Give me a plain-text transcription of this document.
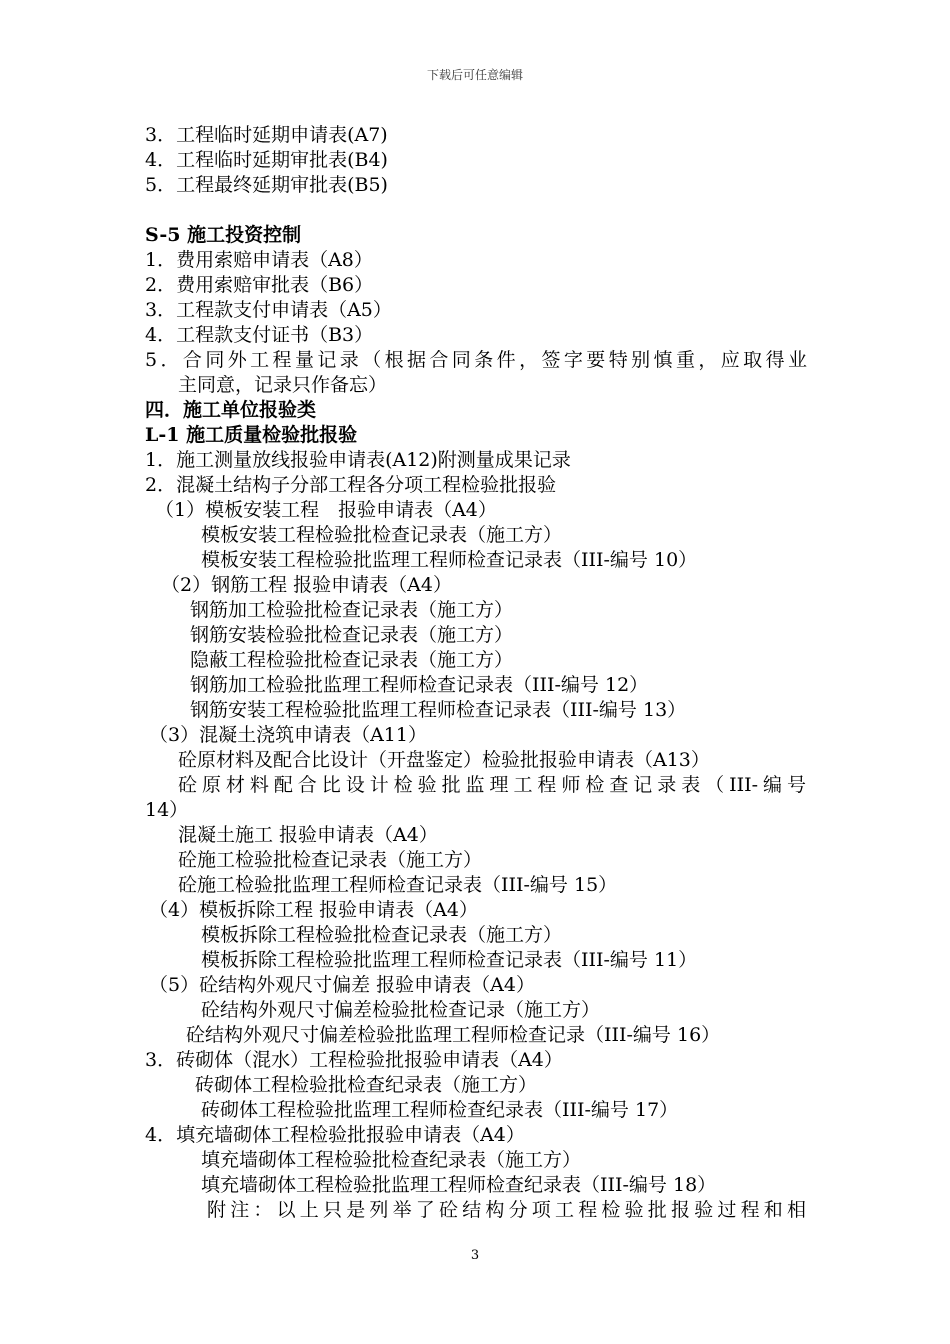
下载后可任意编辑
3．工程临时延期申请表(A7)
4．工程临时延期审批表(B4)
5．工程最终延期审批表(B5)
S-5 施工投资控制
1．费用索赔申请表（A8）
2．费用索赔审批表（B6）
3．工程款支付申请表（A5）
4．工程款支付证书（B3）
5．合同外工程量记录（根据合同条件，签字要特别慎重，应取得业
主同意，记录只作备忘）
四．施工单位报验类
L-1 施工质量检验批报验
1．施工测量放线报验申请表(A12)附测量成果记录
2．混凝土结构子分部工程各分项工程检验批报验
（1）模板安装工程　报验申请表（A4）
模板安装工程检验批检查记录表（施工方）
模板安装工程检验批监理工程师检查记录表（III-编号 10）
（2）钢筋工程 报验申请表（A4）
钢筋加工检验批检查记录表（施工方）
钢筋安装检验批检查记录表（施工方）
隐蔽工程检验批检查记录表（施工方）
钢筋加工检验批监理工程师检查记录表（III-编号 12）
钢筋安装工程检验批监理工程师检查记录表（III-编号 13）
（3）混凝土浇筑申请表（A11）
砼原材料及配合比设计（开盘鉴定）检验批报验申请表（A13）
砼原材料配合比设计检验批监理工程师检查记录表（III-编号
14）
混凝土施工 报验申请表（A4）
砼施工检验批检查记录表（施工方）
砼施工检验批监理工程师检查记录表（III-编号 15）
（4）模板拆除工程 报验申请表（A4）
模板拆除工程检验批检查记录表（施工方）
模板拆除工程检验批监理工程师检查记录表（III-编号 11）
（5）砼结构外观尺寸偏差 报验申请表（A4）
砼结构外观尺寸偏差检验批检查记录（施工方）
砼结构外观尺寸偏差检验批监理工程师检查记录（III-编号 16）
3．砖砌体（混水）工程检验批报验申请表（A4）
砖砌体工程检验批检查纪录表（施工方）
砖砌体工程检验批监理工程师检查纪录表（III-编号 17）
4．填充墙砌体工程检验批报验申请表（A4）
填充墙砌体工程检验批检查纪录表（施工方）
填充墙砌体工程检验批监理工程师检查纪录表（III-编号 18）
附注：以上只是列举了砼结构分项工程检验批报验过程和相
3
